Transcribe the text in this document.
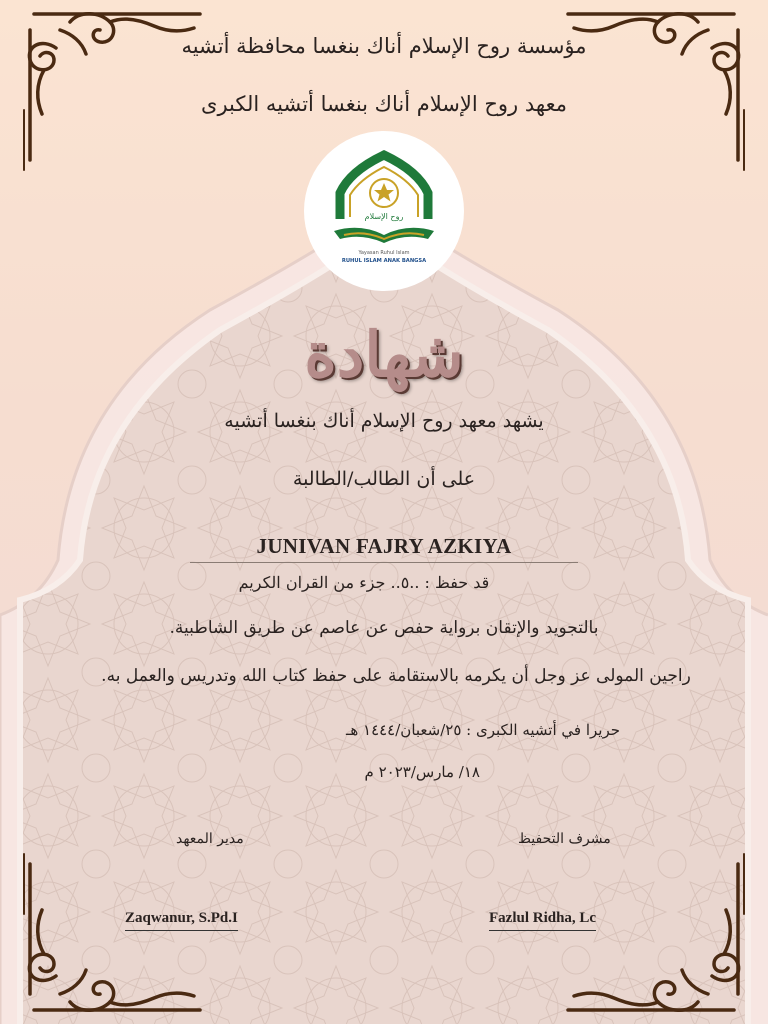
مؤسسة روح الإسلام أناك بنغسا محافظة أتشيه
معهد روح الإسلام أناك بنغسا أتشيه الكبرى
روح الإسلام
Yayasan Ruhul Islam
RUHUL ISLAM ANAK BANGSA
شهادة
يشهد معهد روح الإسلام أناك بنغسا أتشيه
على أن الطالب/الطالبة
JUNIVAN FAJRY AZKIYA
قد حفظ : ..٥.. جزء من القران الكريم
بالتجويد والإتقان برواية حفص عن عاصم عن طريق الشاطبية.
راجين المولى عز وجل أن يكرمه بالاستقامة على حفظ كتاب الله وتدريس والعمل به.
حريرا في أتشيه الكبرى : ٢٥/شعبان/١٤٤٤ هـ
١٨/ مارس/٢٠٢٣ م
مدير المعهد	مشرف التحفيظ
Zaqwanur, S.Pd.I	Fazlul Ridha, Lc
